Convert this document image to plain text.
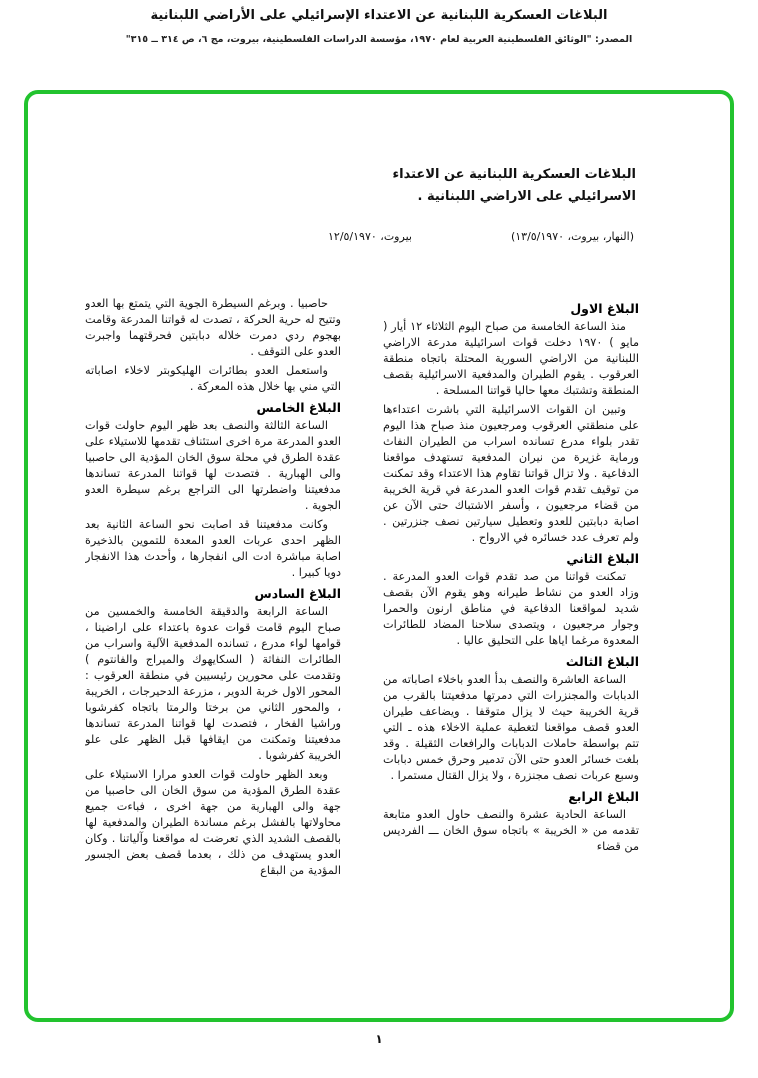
البلاغات العسكرية اللبنانية عن الاعتداء الإسرائيلي على الأراضي اللبنانية
المصدر: "الوثائق الفلسطينية العربية لعام ١٩٧٠، مؤسسة الدراسات الفلسطينية، بيروت، مج ٦، ص ٣١٤ ــ ٣١٥"
البلاغات العسكرية اللبنانية عن الاعتداء الاسرائيلي على الاراضي اللبنانية .
بيروت، ١٢/٥/١٩٧٠	(النهار، بيروت، ١٣/٥/١٩٧٠)

حاصبيا . وبرغم السيطرة الجوية التي يتمتع بها العدو وتتيح له حرية الحركة ، تصدت له قواتنا المدرعة وقامت بهجوم ردي دمرت خلاله دبابتين فحرقتهما واجبرت العدو على التوقف .

واستعمل العدو بطائرات الهليكوبتر لاخلاء اصاباته التي مني بها خلال هذه المعركة .

البلاغ الخامس

الساعة الثالثة والنصف بعد ظهر اليوم حاولت قوات العدو المدرعة مرة اخرى استئناف تقدمها للاستيلاء على عقدة الطرق في محلة سوق الخان المؤدية الى حاصبيا والى الهبارية . فتصدت لها قواتنا المدرعة تساندها مدفعيتنا واضطرتها الى التراجع برغم سيطرة العدو الجوية .

وكانت مدفعيتنا قد اصابت نحو الساعة الثانية بعد الظهر احدى عربات العدو المعدة للتموين بالذخيرة اصابة مباشرة ادت الى انفجارها ، وأحدث هذا الانفجار دويا كبيرا .

البلاغ السادس

الساعة الرابعة والدقيقة الخامسة والخمسين من صباح اليوم قامت قوات عدوة باعتداء على اراضينا ، قوامها لواء مدرع ، تسانده المدفعية الآلية واسراب من الطائرات النفاثة ( السكايهوك والميراج والفانتوم ) وتقدمت على محورين رئيسيين في منطقة العرقوب : المحور الاول خربة الدوير ، مزرعة الدحيرجات ، الخريبة ، والمحور الثاني من برختا والرمتا باتجاه كفرشوبا وراشيا الفخار ، فتصدت لها قواتنا المدرعة تساندها مدفعيتنا وتمكنت من ايقافها قبل الظهر على علو الخريبة كفرشوبا .

وبعد الظهر حاولت قوات العدو مرارا الاستيلاء على عقدة الطرق المؤدية من سوق الخان الى حاصبيا من جهة والى الهبارية من جهة اخرى ، فباءت جميع محاولاتها بالفشل برغم مساندة الطيران والمدفعية لها بالقصف الشديد الذي تعرضت له مواقعنا وآلياتنا . وكان العدو يستهدف من ذلك ، بعدما قصف بعض الجسور المؤدية من البقاع

البلاغ الاول

منذ الساعة الخامسة من صباح اليوم الثلاثاء ١٢ أيار ( مايو ) ١٩٧٠ دخلت قوات اسرائيلية مدرعة الاراضي اللبنانية من الاراضي السورية المحتلة باتجاه منطقة العرقوب . يقوم الطيران والمدفعية الاسرائيلية بقصف المنطقة وتشتبك معها حاليا قواتنا المسلحة .

وتبين ان القوات الاسرائيلية التي باشرت اعتداءها على منطقتي العرقوب ومرجعيون منذ صباح هذا اليوم تقدر بلواء مدرع تسانده اسراب من الطيران النفاث ورماية غزيرة من نيران المدفعية تستهدف مواقعنا الدفاعية . ولا تزال قواتنا تقاوم هذا الاعتداء وقد تمكنت من توقيف تقدم قوات العدو المدرعة في قرية الخريبة من قضاء مرجعيون ، وأسفر الاشتباك حتى الآن عن اصابة دبابتين للعدو وتعطيل سيارتين نصف جنزرتين . ولم تعرف عدد خسائره في الارواح .

البلاغ الثاني

تمكنت قواتنا من صد تقدم قوات العدو المدرعة . وزاد العدو من نشاط طيرانه وهو يقوم الآن بقصف شديد لمواقعنا الدفاعية في مناطق ارنون والحمرا وجوار مرجعيون ، ويتصدى سلاحنا المضاد للطائرات المعدوة مرغما اياها على التحليق عاليا .

البلاغ الثالث

الساعة العاشرة والنصف بدأ العدو باخلاء اصاباته من الدبابات والمجنزرات التي دمرتها مدفعيتنا بالقرب من قرية الخريبة حيث لا يزال متوقفا . ويضاعف طيران العدو قصف مواقعنا لتغطية عملية الاخلاء هذه ـ التي تتم بواسطة حاملات الدبابات والرافعات الثقيلة . وقد بلغت خسائر العدو حتى الآن تدمير وحرق خمس دبابات وسبع عربات نصف مجنزرة ، ولا يزال القتال مستمرا .

البلاغ الرابع

الساعة الحادية عشرة والنصف حاول العدو متابعة تقدمه من « الخريبة » باتجاه سوق الخان ـــ الفرديس من قضاء

١
